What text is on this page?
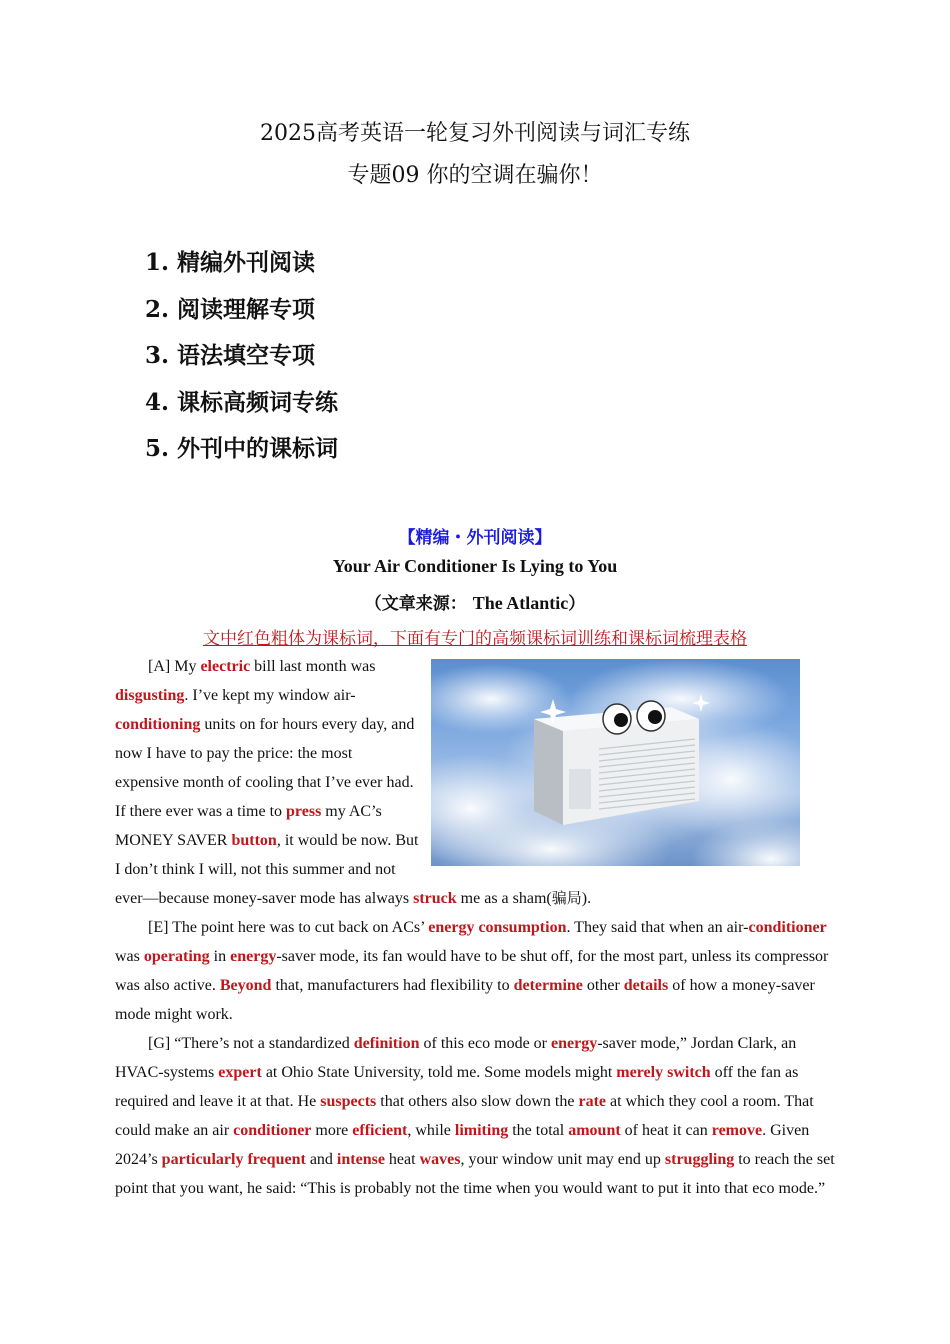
2025高考英语一轮复习外刊阅读与词汇专练
专题09 你的空调在骗你！
1. 精编外刊阅读
2. 阅读理解专项
3. 语法填空专项
4. 课标高频词专练
5. 外刊中的课标词
【精编・外刊阅读】
Your Air Conditioner Is Lying to You
（文章来源： The Atlantic）
文中红色粗体为课标词，下面有专门的高频课标词训练和课标词梳理表格

[A] My electric bill last month was disgusting. I’ve kept my window air-conditioning units on for hours every day, and now I have to pay the price: the most expensive month of cooling that I’ve ever had. If there ever was a time to press my AC’s MONEY SAVER button, it would be now. But I don’t think I will, not this summer and not ever—because money-saver mode has always struck me as a sham(骗局).

[E] The point here was to cut back on ACs’ energy consumption. They said that when an air-conditioner was operating in energy-saver mode, its fan would have to be shut off, for the most part, unless its compressor was also active. Beyond that, manufacturers had flexibility to determine other details of how a money-saver mode might work.

[G] “There’s not a standardized definition of this eco mode or energy-saver mode,” Jordan Clark, an HVAC-systems expert at Ohio State University, told me. Some models might merely switch off the fan as required and leave it at that. He suspects that others also slow down the rate at which they cool a room. That could make an air conditioner more efficient, while limiting the total amount of heat it can remove. Given 2024’s particularly frequent and intense heat waves, your window unit may end up struggling to reach the set point that you want, he said: “This is probably not the time when you would want to put it into that eco mode.”
